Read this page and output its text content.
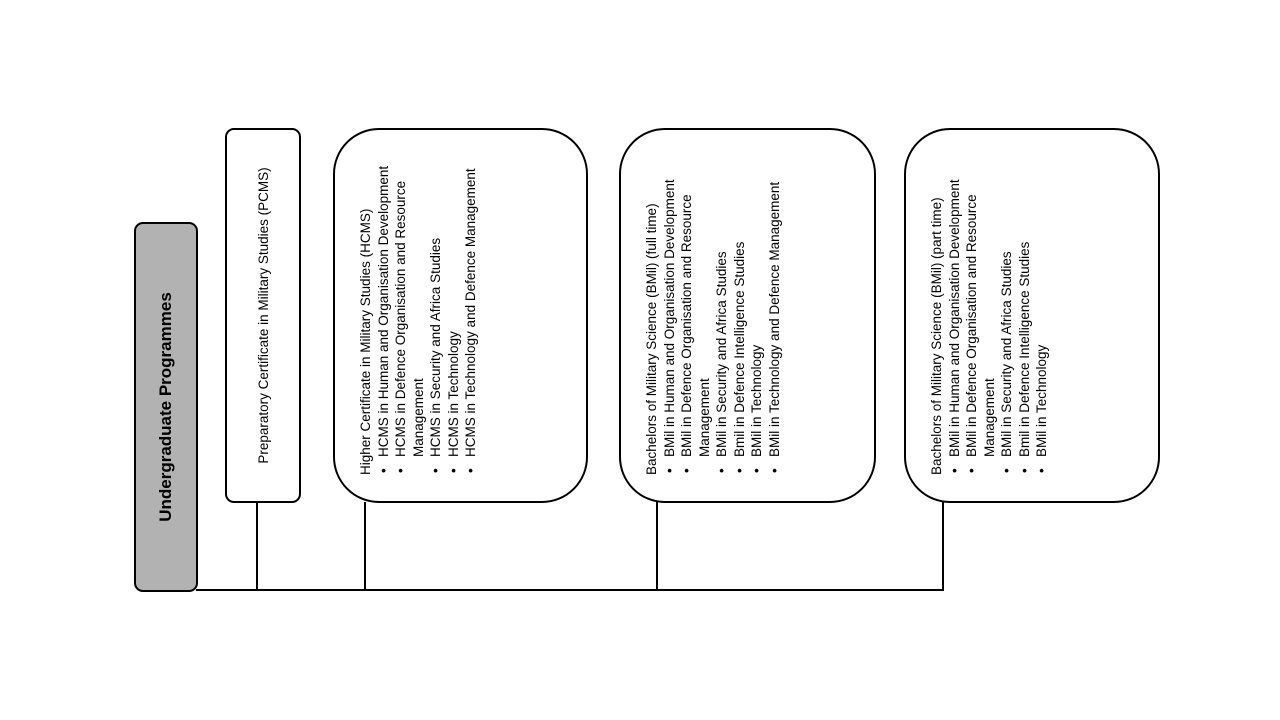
Undergraduate Programmes	Preparatory Certificate in Military Studies (PCMS)	Higher Certificate in Military Studies (HCMS) • HCMS in Human and Organisation Development • HCMS in Defence Organisation and Resource Management • HCMS in Security and Africa Studies • HCMS in Technology • HCMS in Technology and Defence Management	Bachelors of Military Science (BMil) (full time) • BMil in Human and Organisation Development • BMil in Defence Organisation and Resource Management • BMil in Security and Africa Studies • Bmil in Defence Intelligence Studies • BMil in Technology • BMil in Technology and Defence Management	Bachelors of Military Science (BMil) (part time) • BMil in Human and Organisation Development • BMil in Defence Organisation and Resource Management • BMil in Security and Africa Studies • Bmil in Defence Intelligence Studies • BMil in Technology
